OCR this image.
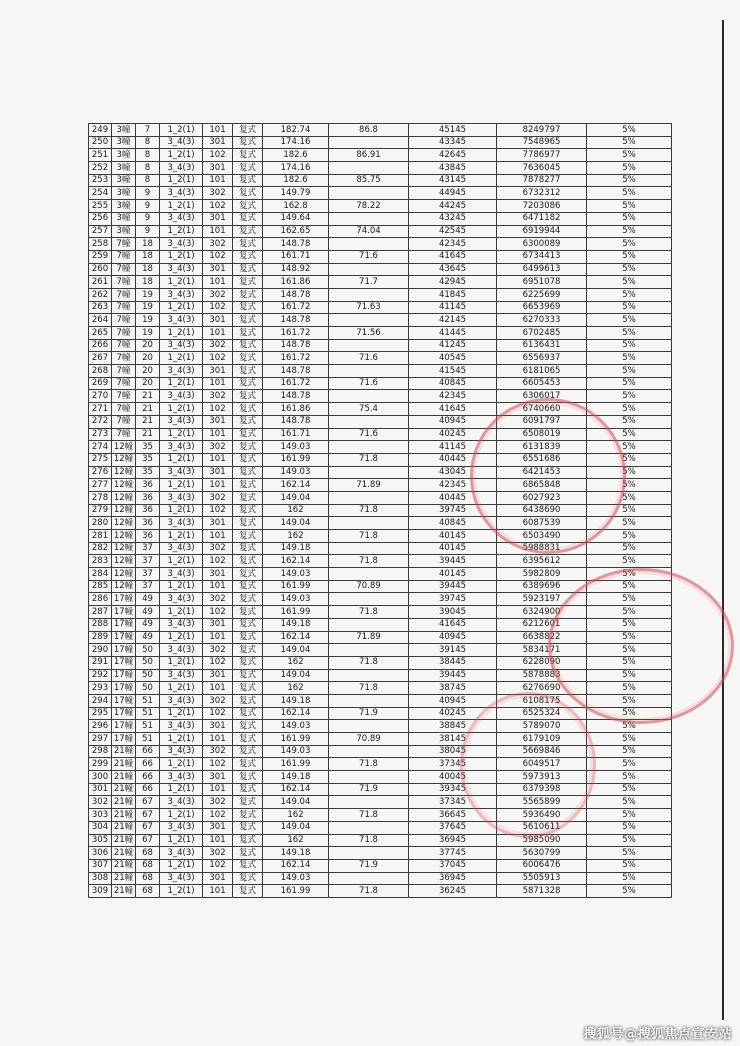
249	3幢	7	1_2(1)	101	复式	182.74	86.8	45145	8249797	5%
250	3幢	8	3_4(3)	301	复式	174.16		43345	7548965	5%
251	3幢	8	1_2(1)	102	复式	182.6	86.91	42645	7786977	5%
252	3幢	8	3_4(3)	301	复式	174.16		43845	7636045	5%
253	3幢	8	1_2(1)	101	复式	182.6	85.75	43145	7878277	5%
254	3幢	9	3_4(3)	302	复式	149.79		44945	6732312	5%
255	3幢	9	1_2(1)	102	复式	162.8	78.22	44245	7203086	5%
256	3幢	9	3_4(3)	301	复式	149.64		43245	6471182	5%
257	3幢	9	1_2(1)	101	复式	162.65	74.04	42545	6919944	5%
258	7幢	18	3_4(3)	302	复式	148.78		42345	6300089	5%
259	7幢	18	1_2(1)	102	复式	161.71	71.6	41645	6734413	5%
260	7幢	18	3_4(3)	301	复式	148.92		43645	6499613	5%
261	7幢	18	1_2(1)	101	复式	161.86	71.7	42945	6951078	5%
262	7幢	19	3_4(3)	302	复式	148.78		41845	6225699	5%
263	7幢	19	1_2(1)	102	复式	161.72	71.63	41145	6653969	5%
264	7幢	19	3_4(3)	301	复式	148.78		42145	6270333	5%
265	7幢	19	1_2(1)	101	复式	161.72	71.56	41445	6702485	5%
266	7幢	20	3_4(3)	302	复式	148.78		41245	6136431	5%
267	7幢	20	1_2(1)	102	复式	161.72	71.6	40545	6556937	5%
268	7幢	20	3_4(3)	301	复式	148.78		41545	6181065	5%
269	7幢	20	1_2(1)	101	复式	161.72	71.6	40845	6605453	5%
270	7幢	21	3_4(3)	302	复式	148.78		42345	6306017	5%
271	7幢	21	1_2(1)	102	复式	161.86	75.4	41645	6740660	5%
272	7幢	21	3_4(3)	301	复式	148.78		40945	6091797	5%
273	7幢	21	1_2(1)	101	复式	161.71	71.6	40245	6508019	5%
274	12幢	35	3_4(3)	302	复式	149.03		41145	6131839	5%
275	12幢	35	1_2(1)	101	复式	161.99	71.8	40445	6551686	5%
276	12幢	35	3_4(3)	301	复式	149.03		43045	6421453	5%
277	12幢	36	1_2(1)	101	复式	162.14	71.89	42345	6865848	5%
278	12幢	36	3_4(3)	302	复式	149.04		40445	6027923	5%
279	12幢	36	1_2(1)	102	复式	162	71.8	39745	6438690	5%
280	12幢	36	3_4(3)	301	复式	149.04		40845	6087539	5%
281	12幢	36	1_2(1)	101	复式	162	71.8	40145	6503490	5%
282	12幢	37	3_4(3)	302	复式	149.18		40145	5988831	5%
283	12幢	37	1_2(1)	102	复式	162.14	71.8	39445	6395612	5%
284	12幢	37	3_4(3)	301	复式	149.03		40145	5982809	5%
285	12幢	37	1_2(1)	101	复式	161.99	70.89	39445	6389696	5%
286	17幢	49	3_4(3)	302	复式	149.03		39745	5923197	5%
287	17幢	49	1_2(1)	102	复式	161.99	71.8	39045	6324900	5%
288	17幢	49	3_4(3)	301	复式	149.18		41645	6212601	5%
289	17幢	49	1_2(1)	101	复式	162.14	71.89	40945	6638822	5%
290	17幢	50	3_4(3)	302	复式	149.04		39145	5834171	5%
291	17幢	50	1_2(1)	102	复式	162	71.8	38445	6228090	5%
292	17幢	50	3_4(3)	301	复式	149.04		39445	5878883	5%
293	17幢	50	1_2(1)	101	复式	162	71.8	38745	6276690	5%
294	17幢	51	3_4(3)	302	复式	149.18		40945	6108175	5%
295	17幢	51	1_2(1)	102	复式	162.14	71.9	40245	6525324	5%
296	17幢	51	3_4(3)	301	复式	149.03		38845	5789070	5%
297	17幢	51	1_2(1)	101	复式	161.99	70.89	38145	6179109	5%
298	21幢	66	3_4(3)	302	复式	149.03		38045	5669846	5%
299	21幢	66	1_2(1)	102	复式	161.99	71.8	37345	6049517	5%
300	21幢	66	3_4(3)	301	复式	149.18		40045	5973913	5%
301	21幢	66	1_2(1)	101	复式	162.14	71.9	39345	6379398	5%
302	21幢	67	3_4(3)	302	复式	149.04		37345	5565899	5%
303	21幢	67	1_2(1)	102	复式	162	71.8	36645	5936490	5%
304	21幢	67	3_4(3)	301	复式	149.04		37645	5610611	5%
305	21幢	67	1_2(1)	101	复式	162	71.8	36945	5985090	5%
306	21幢	68	3_4(3)	302	复式	149.18		37745	5630799	5%
307	21幢	68	1_2(1)	102	复式	162.14	71.9	37045	6006476	5%
308	21幢	68	3_4(3)	301	复式	149.03		36945	5505913	5%
309	21幢	68	1_2(1)	101	复式	161.99	71.8	36245	5871328	5%
搜狐号@搜狐焦点宣安站
